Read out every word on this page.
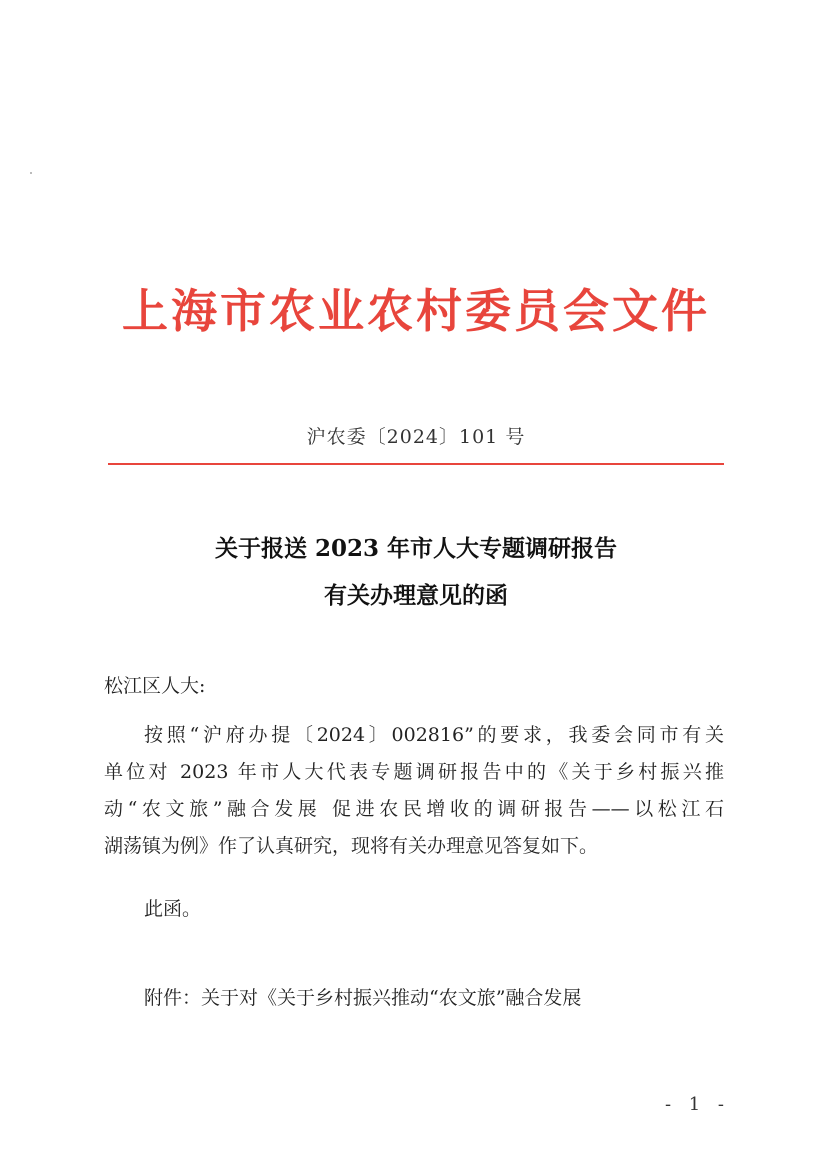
上海市农业农村委员会文件
沪农委〔2024〕101 号
关于报送 2023 年市人大专题调研报告
有关办理意见的函
松江区人大:
按照“沪府办提〔2024〕002816”的要求，我委会同市有关
单位对 2023 年市人大代表专题调研报告中的《关于乡村振兴推
动“农文旅”融合发展 促进农民增收的调研报告——以松江石
湖荡镇为例》作了认真研究，现将有关办理意见答复如下。
此函。
附件：关于对《关于乡村振兴推动“农文旅”融合发展
- 1 -
